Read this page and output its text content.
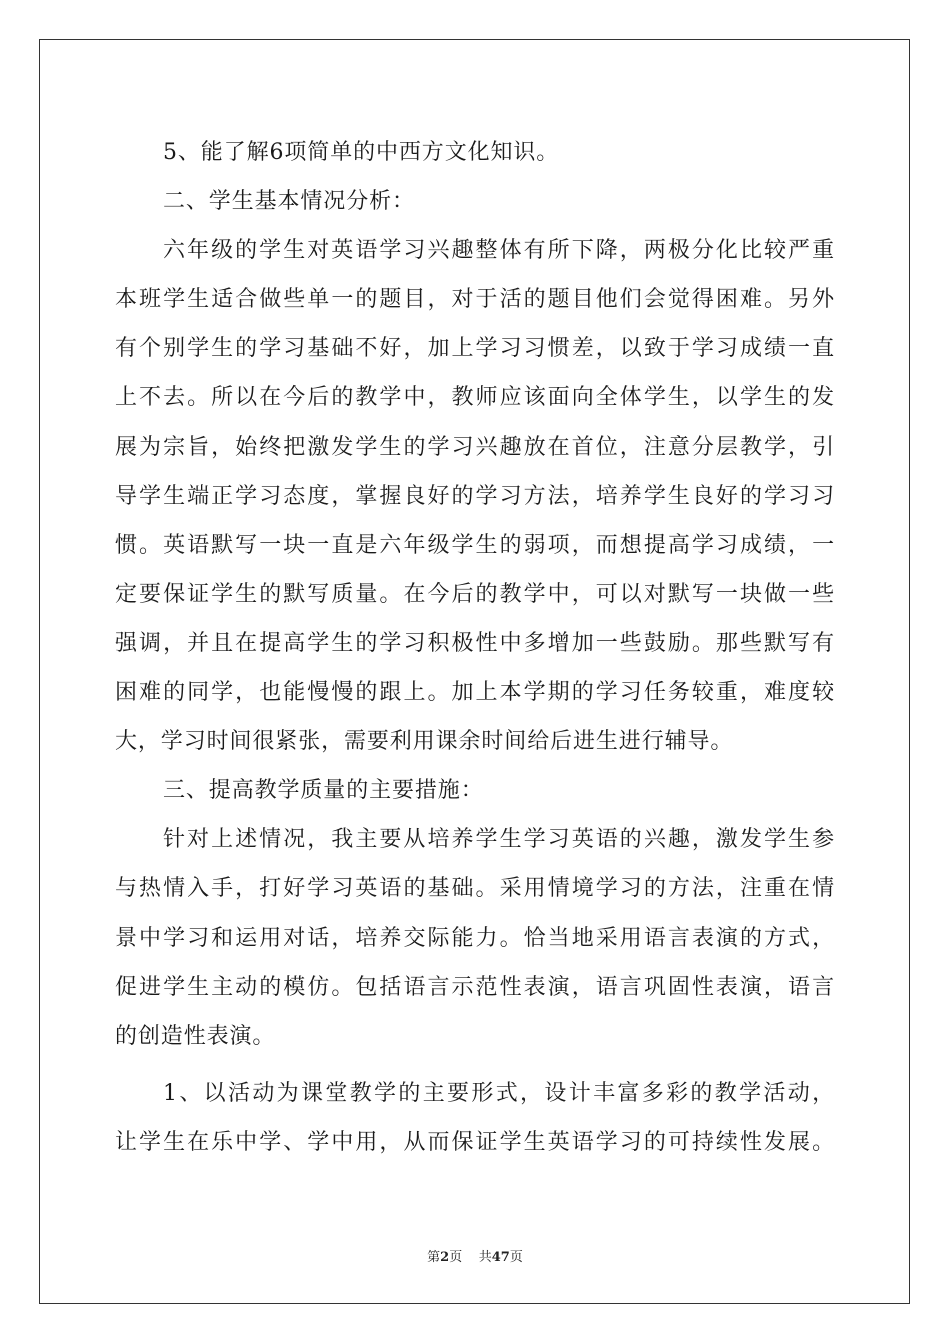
5、能了解6项简单的中西方文化知识。
二、学生基本情况分析：
六年级的学生对英语学习兴趣整体有所下降，两极分化比较严重
本班学生适合做些单一的题目，对于活的题目他们会觉得困难。另外
有个别学生的学习基础不好，加上学习习惯差，以致于学习成绩一直
上不去。所以在今后的教学中，教师应该面向全体学生，以学生的发
展为宗旨，始终把激发学生的学习兴趣放在首位，注意分层教学，引
导学生端正学习态度，掌握良好的学习方法，培养学生良好的学习习
惯。英语默写一块一直是六年级学生的弱项，而想提高学习成绩，一
定要保证学生的默写质量。在今后的教学中，可以对默写一块做一些
强调，并且在提高学生的学习积极性中多增加一些鼓励。那些默写有
困难的同学，也能慢慢的跟上。加上本学期的学习任务较重，难度较
大，学习时间很紧张，需要利用课余时间给后进生进行辅导。
三、提高教学质量的主要措施：
针对上述情况，我主要从培养学生学习英语的兴趣，激发学生参
与热情入手，打好学习英语的基础。采用情境学习的方法，注重在情
景中学习和运用对话，培养交际能力。恰当地采用语言表演的方式，
促进学生主动的模仿。包括语言示范性表演，语言巩固性表演，语言
的创造性表演。
1、以活动为课堂教学的主要形式，设计丰富多彩的教学活动，
让学生在乐中学、学中用，从而保证学生英语学习的可持续性发展。
第2页    共47页
